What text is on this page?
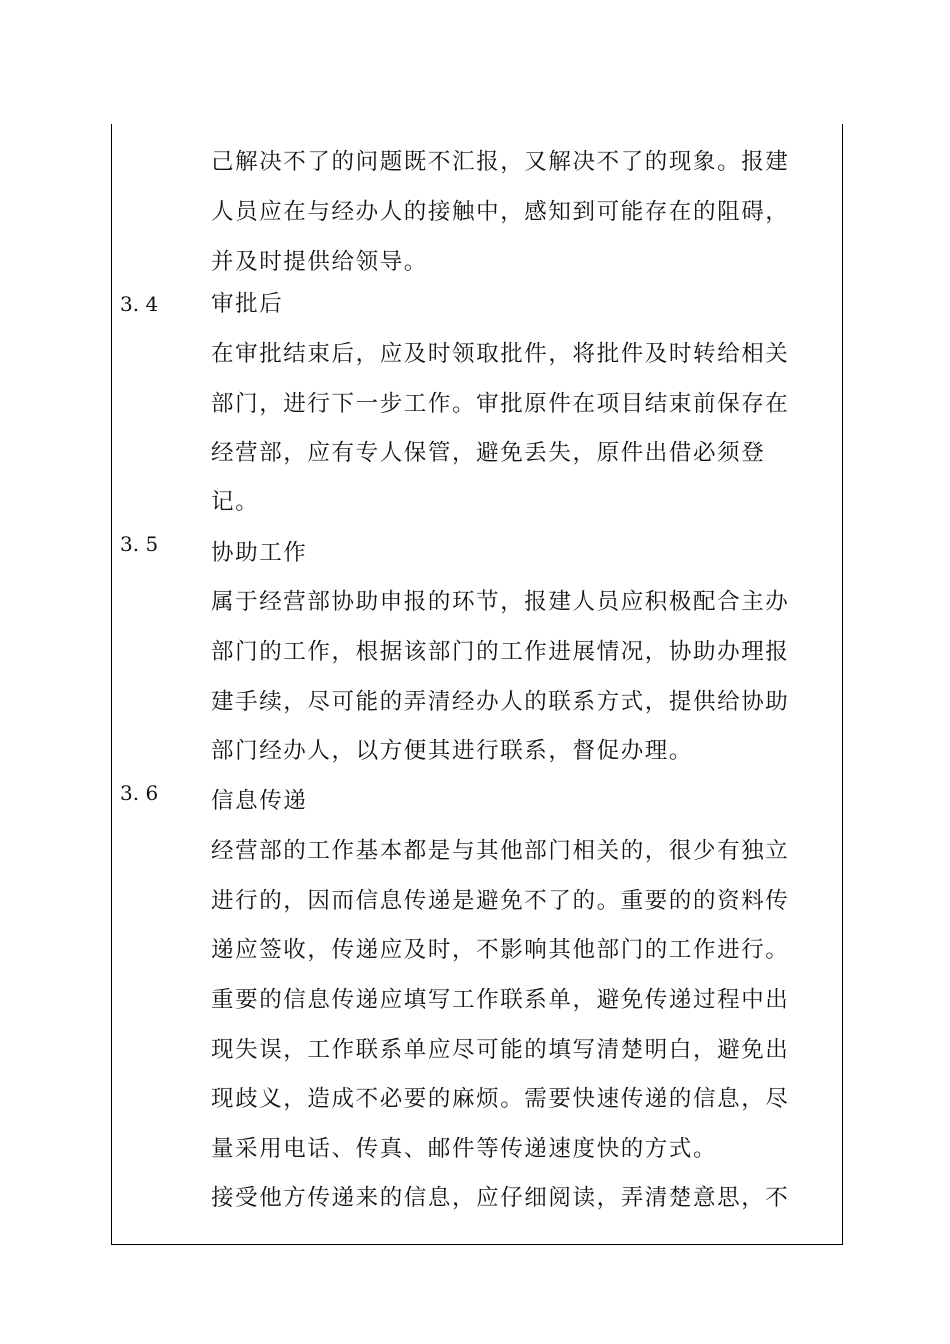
己解决不了的问题既不汇报，又解决不了的现象。报建
人员应在与经办人的接触中，感知到可能存在的阻碍，
并及时提供给领导。
3. 4 审批后
在审批结束后，应及时领取批件，将批件及时转给相关
部门，进行下一步工作。审批原件在项目结束前保存在
经营部，应有专人保管，避免丢失，原件出借必须登
记。
3. 5 协助工作
属于经营部协助申报的环节，报建人员应积极配合主办
部门的工作，根据该部门的工作进展情况，协助办理报
建手续，尽可能的弄清经办人的联系方式，提供给协助
部门经办人，以方便其进行联系，督促办理。
3. 6 信息传递
经营部的工作基本都是与其他部门相关的，很少有独立
进行的，因而信息传递是避免不了的。重要的的资料传
递应签收，传递应及时，不影响其他部门的工作进行。
重要的信息传递应填写工作联系单，避免传递过程中出
现失误，工作联系单应尽可能的填写清楚明白，避免出
现歧义，造成不必要的麻烦。需要快速传递的信息，尽
量采用电话、传真、邮件等传递速度快的方式。
接受他方传递来的信息，应仔细阅读，弄清楚意思，不
